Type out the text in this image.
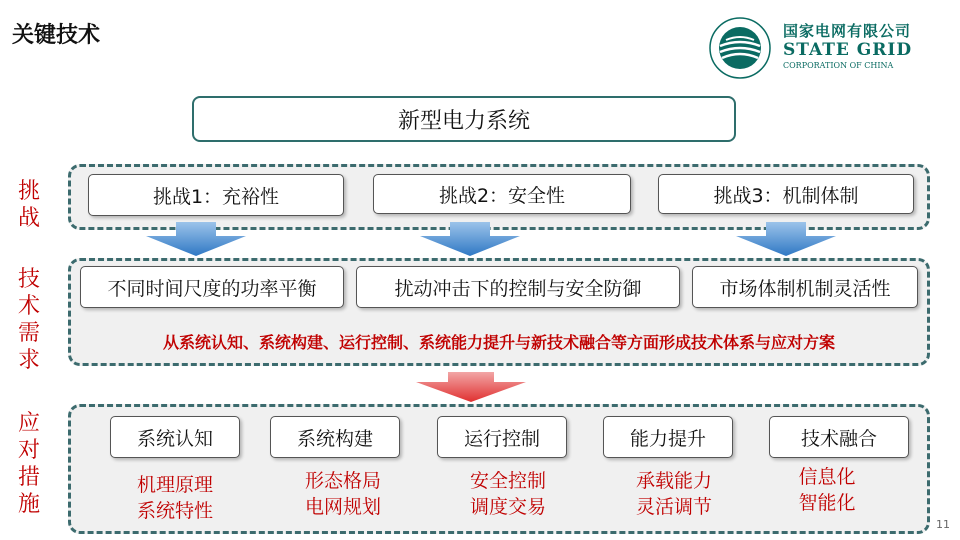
关键技术	国家电网有限公司
STATE GRID
CORPORATION OF CHINA
新型电力系统
挑战
技术需求
应对措施
挑战1：充裕性	挑战2：安全性	挑战3：机制体制
不同时间尺度的功率平衡	扰动冲击下的控制与安全防御	市场体制机制灵活性
从系统认知、系统构建、运行控制、系统能力提升与新技术融合等方面形成技术体系与应对方案
系统认知	系统构建	运行控制	能力提升	技术融合
机理原理
系统特性
形态格局
电网规划
安全控制
调度交易
承载能力
灵活调节
信息化
智能化
11
